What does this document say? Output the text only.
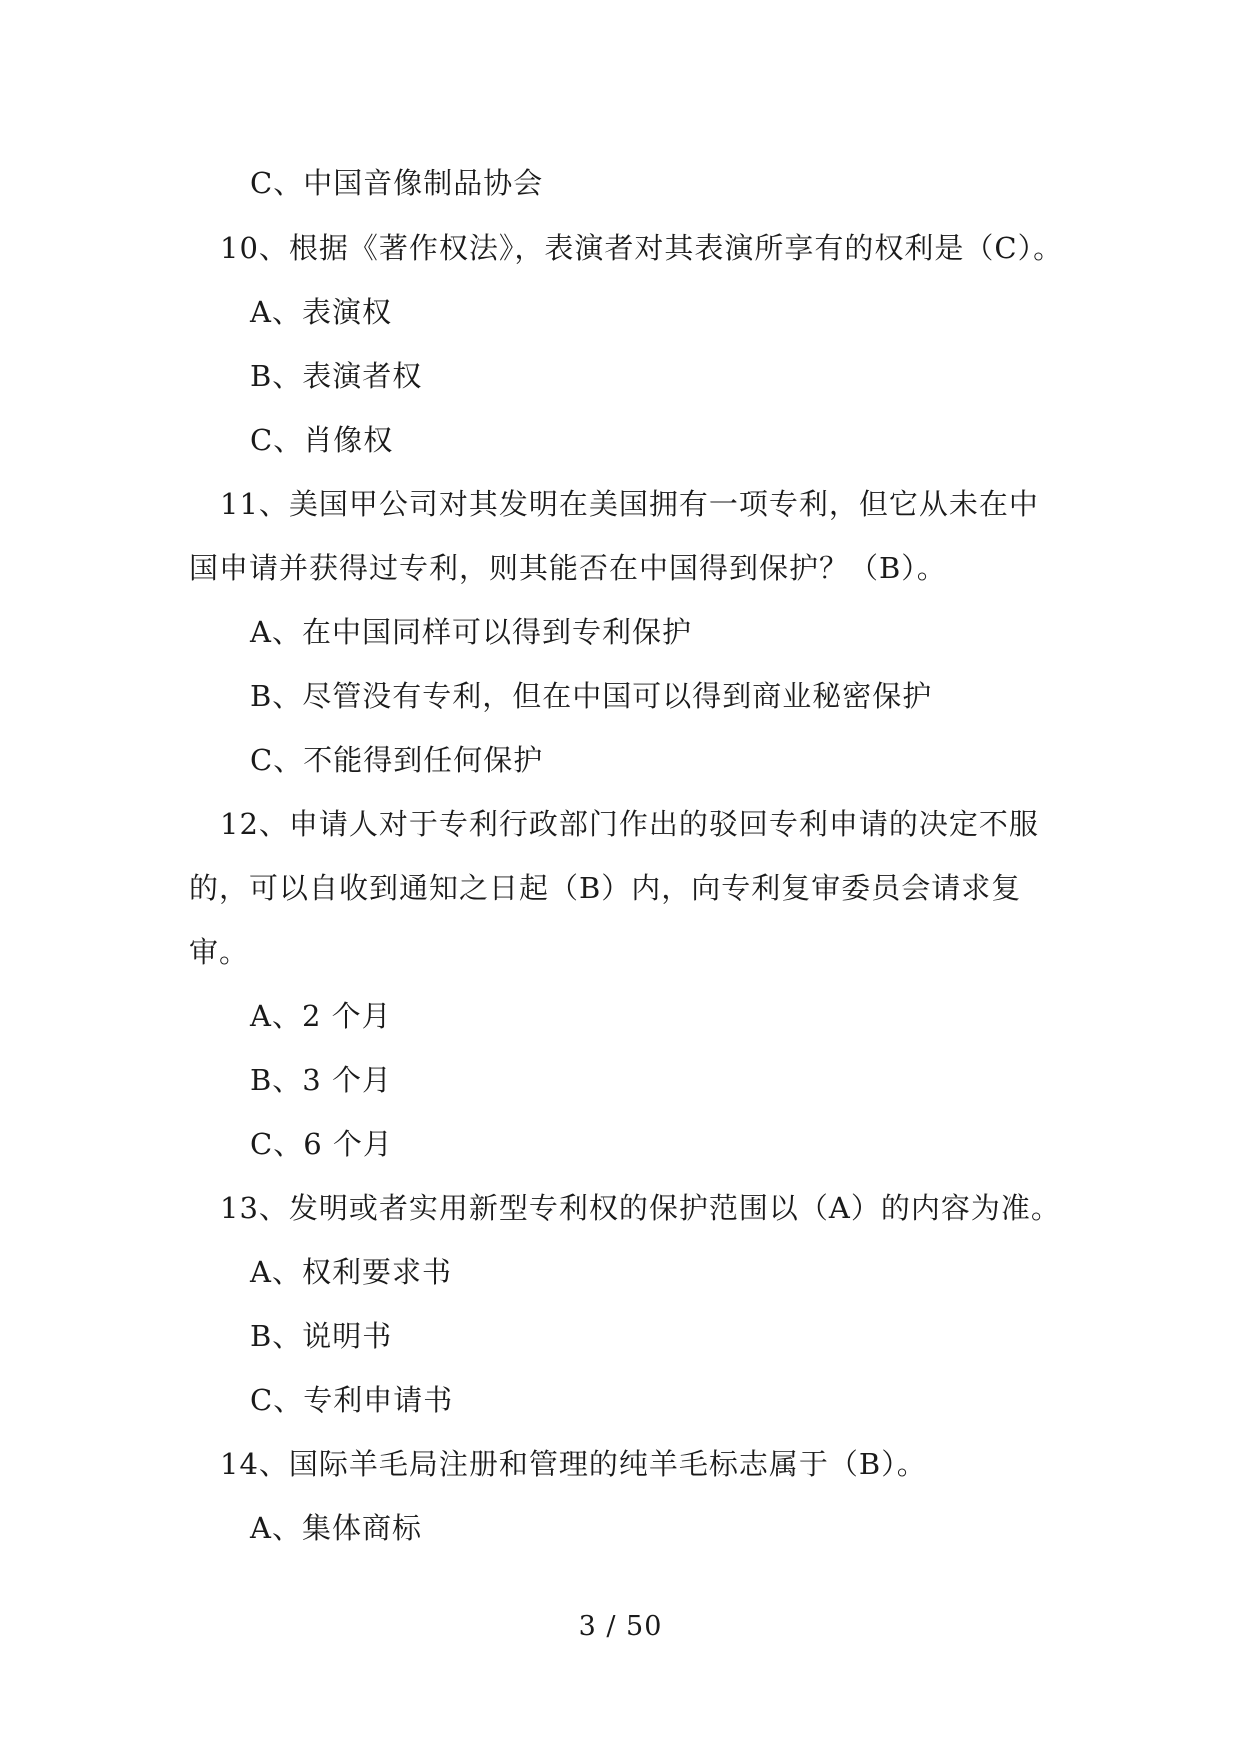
C、中国音像制品协会
10、根据《著作权法》，表演者对其表演所享有的权利是（C）。
A、表演权
B、表演者权
C、肖像权
11、美国甲公司对其发明在美国拥有一项专利，但它从未在中
国申请并获得过专利，则其能否在中国得到保护？（B）。
A、在中国同样可以得到专利保护
B、尽管没有专利，但在中国可以得到商业秘密保护
C、不能得到任何保护
12、申请人对于专利行政部门作出的驳回专利申请的决定不服
的，可以自收到通知之日起（B）内，向专利复审委员会请求复
审。
A、2 个月
B、3 个月
C、6 个月
13、发明或者实用新型专利权的保护范围以（A）的内容为准。
A、权利要求书
B、说明书
C、专利申请书
14、国际羊毛局注册和管理的纯羊毛标志属于（B）。
A、集体商标
3 / 50
